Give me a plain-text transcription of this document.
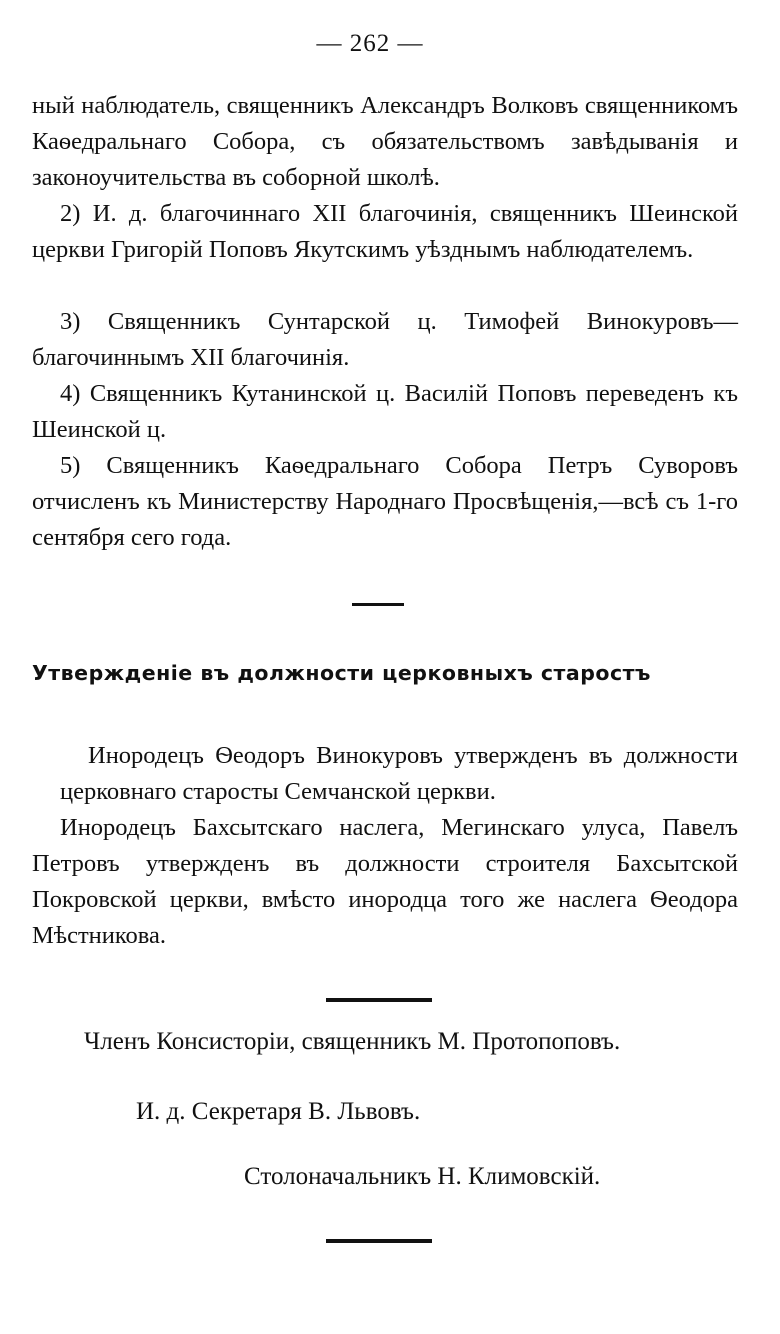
— 262 —

ный наблюдатель, священникъ Александръ Волковъ священникомъ Каѳедральнаго Собора, съ обязательствомъ завѣдыванія и законоучительства въ соборной школѣ.

2) И. д. благочиннаго XII благочинія, священникъ Шеинской церкви Григорій Поповъ Якутскимъ уѣзднымъ наблюдателемъ.

3) Священникъ Сунтарской ц. Тимофей Винокуровъ— благочиннымъ XII благочинія.

4) Священникъ Кутанинской ц. Василій Поповъ переведенъ къ Шеинской ц.

5) Священникъ Каѳедральнаго Собора Петръ Суворовъ отчисленъ къ Министерству Народнаго Просвѣщенія,—всѣ съ 1-го сентября сего года.

Утвержденіе въ должности церковныхъ старостъ

Инородецъ Ѳеодоръ Винокуровъ утвержденъ въ должности церковнаго старосты Семчанской церкви.

Инородецъ Бахсытскаго наслега, Мегинскаго улуса, Павелъ Петровъ утвержденъ въ должности строителя Бахсытской Покровской церкви, вмѣсто инородца того же наслега Ѳеодора Мѣстникова.

Членъ Консисторіи, священникъ М. Протопоповъ.

И. д. Секретаря В. Львовъ.

Столоначальникъ Н. Климовскій.
